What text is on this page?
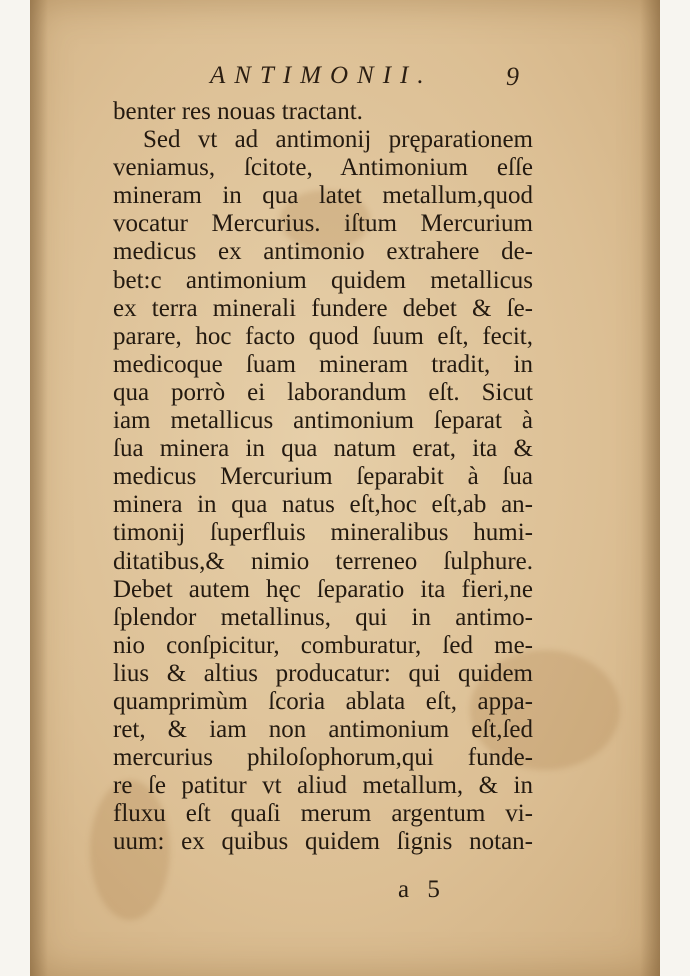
ANTIMONII.	9
benter res nouas tractant.
Sed vt ad antimonij pręparationem
veniamus, ſcitote, Antimonium eſſe
mineram in qua latet metallum,quod
vocatur Mercurius. iſtum Mercurium
medicus ex antimonio extrahere de-
bet:c antimonium quidem metallicus
ex terra minerali fundere debet & ſe-
parare, hoc facto quod ſuum eſt, fecit,
medicoque ſuam mineram tradit, in
qua porrò ei laborandum eſt. Sicut
iam metallicus antimonium ſeparat à
ſua minera in qua natum erat, ita &
medicus Mercurium ſeparabit à ſua
minera in qua natus eſt,hoc eſt,ab an-
timonij ſuperfluis mineralibus humi-
ditatibus,& nimio terreneo ſulphure.
Debet autem hęc ſeparatio ita fieri,ne
ſplendor metallinus, qui in antimo-
nio conſpicitur, comburatur, ſed me-
lius & altius producatur: qui quidem
quamprimùm ſcoria ablata eſt, appa-
ret, & iam non antimonium eſt,ſed
mercurius philoſophorum,qui funde-
re ſe patitur vt aliud metallum, & in
fluxu eſt quaſi merum argentum vi-
uum: ex quibus quidem ſignis notan-
a 5
